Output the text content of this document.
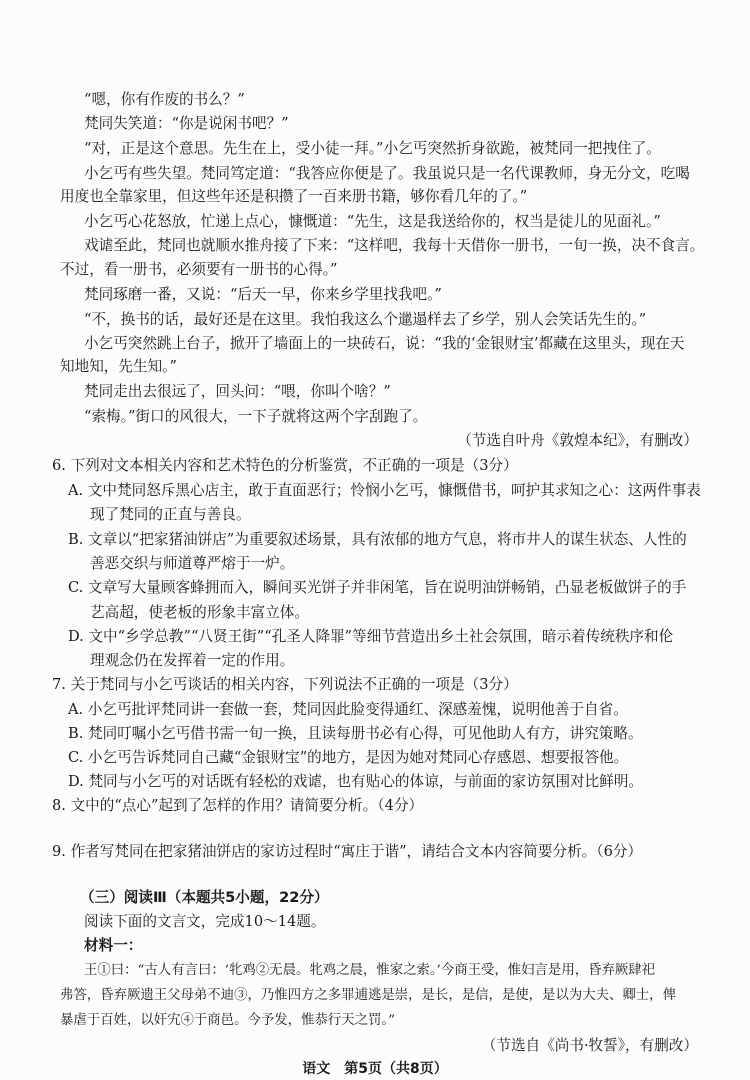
“嗯，你有作废的书么？”
梵同失笑道：“你是说闲书吧？”
“对，正是这个意思。先生在上，受小徒一拜。”小乞丐突然折身欲跪，被梵同一把拽住了。
小乞丐有些失望。梵同笃定道：“我答应你便是了。我虽说只是一名代课教师，身无分文，吃喝
用度也全靠家里，但这些年还是积攒了一百来册书籍，够你看几年的了。”
小乞丐心花怒放，忙递上点心，慷慨道：“先生，这是我送给你的，权当是徒儿的见面礼。”
戏谑至此，梵同也就顺水推舟接了下来：“这样吧，我每十天借你一册书，一旬一换，决不食言。
不过，看一册书，必须要有一册书的心得。”
梵同琢磨一番，又说：“后天一早，你来乡学里找我吧。”
“不，换书的话，最好还是在这里。我怕我这么个邋遢样去了乡学，别人会笑话先生的。”
小乞丐突然跳上台子，掀开了墙面上的一块砖石，说：“我的‘金银财宝’都藏在这里头，现在天
知地知，先生知。”
梵同走出去很远了，回头问：“喂，你叫个啥？”
“索梅。”街口的风很大，一下子就将这两个字刮跑了。
（节选自叶舟《敦煌本纪》，有删改）
6. 下列对文本相关内容和艺术特色的分析鉴赏，不正确的一项是（3分）
A. 文中梵同怒斥黑心店主，敢于直面恶行；怜悯小乞丐，慷慨借书，呵护其求知之心：这两件事表
现了梵同的正直与善良。
B. 文章以“把家猪油饼店”为重要叙述场景，具有浓郁的地方气息，将市井人的谋生状态、人性的
善恶交织与师道尊严熔于一炉。
C. 文章写大量顾客蜂拥而入，瞬间买光饼子并非闲笔，旨在说明油饼畅销，凸显老板做饼子的手
艺高超，使老板的形象丰富立体。
D. 文中“乡学总教”“八贤王街”“孔圣人降罪”等细节营造出乡土社会氛围，暗示着传统秩序和伦
理观念仍在发挥着一定的作用。
7. 关于梵同与小乞丐谈话的相关内容，下列说法不正确的一项是（3分）
A. 小乞丐批评梵同讲一套做一套，梵同因此脸变得通红、深感羞愧，说明他善于自省。
B. 梵同叮嘱小乞丐借书需一旬一换，且读每册书必有心得，可见他助人有方，讲究策略。
C. 小乞丐告诉梵同自己藏“金银财宝”的地方，是因为她对梵同心存感恩、想要报答他。
D. 梵同与小乞丐的对话既有轻松的戏谑，也有贴心的体谅，与前面的家访氛围对比鲜明。
8. 文中的“点心”起到了怎样的作用？请简要分析。（4分）
9. 作者写梵同在把家猪油饼店的家访过程时“寓庄于谐”，请结合文本内容简要分析。（6分）
（三）阅读Ⅲ（本题共5小题，22分）
阅读下面的文言文，完成10～14题。
材料一：
王①曰：“古人有言曰：‘牝鸡②无晨。牝鸡之晨，惟家之索。’今商王受，惟妇言是用，昏弃厥肆祀
弗答，昏弃厥遗王父母弟不迪③，乃惟四方之多罪逋逃是崇，是长，是信，是使，是以为大夫、卿士，俾
暴虐于百姓，以奸宄④于商邑。今予发，惟恭行天之罚。”
（节选自《尚书·牧誓》，有删改）
语文　第5页（共8页）
